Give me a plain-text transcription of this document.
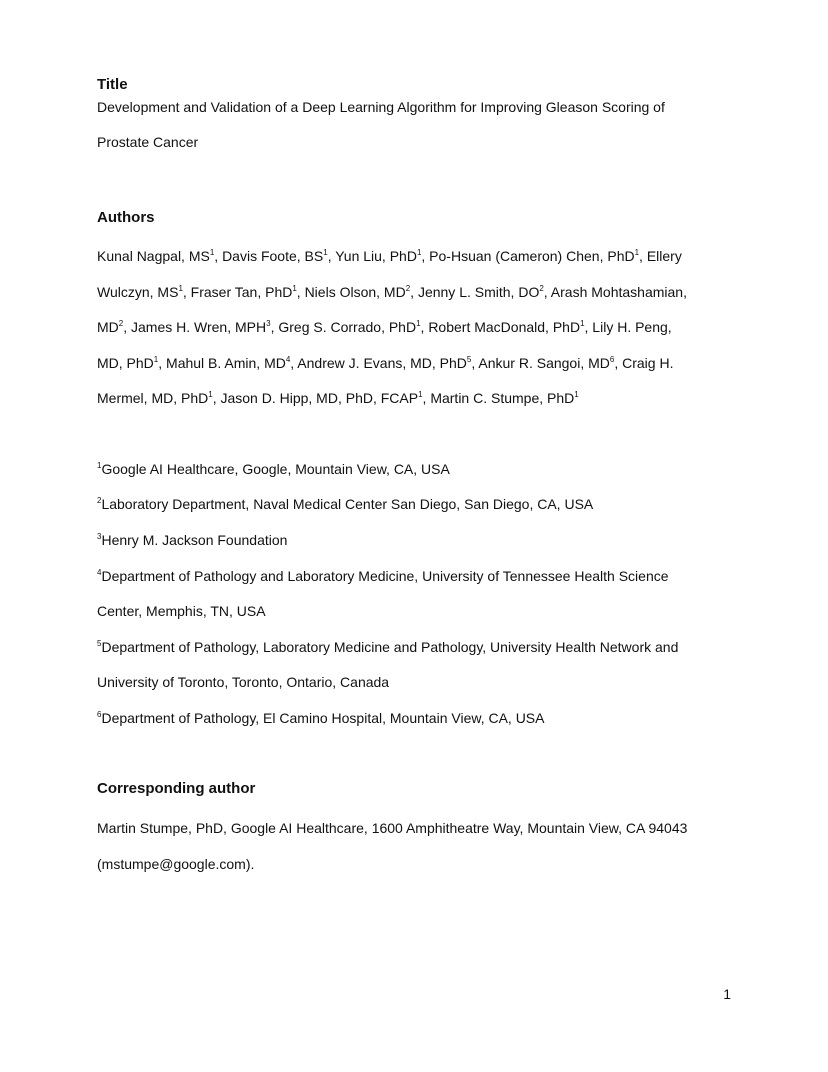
Title
Development and Validation of a Deep Learning Algorithm for Improving Gleason Scoring of
Prostate Cancer
Authors
Kunal Nagpal, $MS^1$, Davis Foote, $BS^1$, Yun Liu, PhD$^1$, Po-Hsuan (Cameron) Chen, PhD$^1$, Ellery
Wulczyn, $MS^1$, Fraser Tan, PhD$^1$, Niels Olson, $MD^2$, Jenny L. Smith, $DO^2$, Arash Mohtashamian,
$MD^2$, James H. Wren, MPH$^3$, Greg S. Corrado, PhD$^1$, Robert MacDonald, PhD$^1$, Lily H. Peng,
MD, PhD$^1$, Mahul B. Amin, $MD^4$, Andrew J. Evans, MD, PhD$^5$, Ankur R. Sangoi, $MD^6$, Craig H.
Mermel, MD, PhD$^1$, Jason D. Hipp, MD, PhD, FCAP$^1$, Martin C. Stumpe, PhD$^1$
$^1$Google AI Healthcare, Google, Mountain View, CA, USA
$^2$Laboratory Department, Naval Medical Center San Diego, San Diego, CA, USA
$^3$Henry M. Jackson Foundation
$^4$Department of Pathology and Laboratory Medicine, University of Tennessee Health Science
Center, Memphis, TN, USA
$^5$Department of Pathology, Laboratory Medicine and Pathology, University Health Network and
University of Toronto, Toronto, Ontario, Canada
$^6$Department of Pathology, El Camino Hospital, Mountain View, CA, USA
Corresponding author
Martin Stumpe, PhD, Google AI Healthcare, 1600 Amphitheatre Way, Mountain View, CA 94043
(mstumpe@google.com).
1
